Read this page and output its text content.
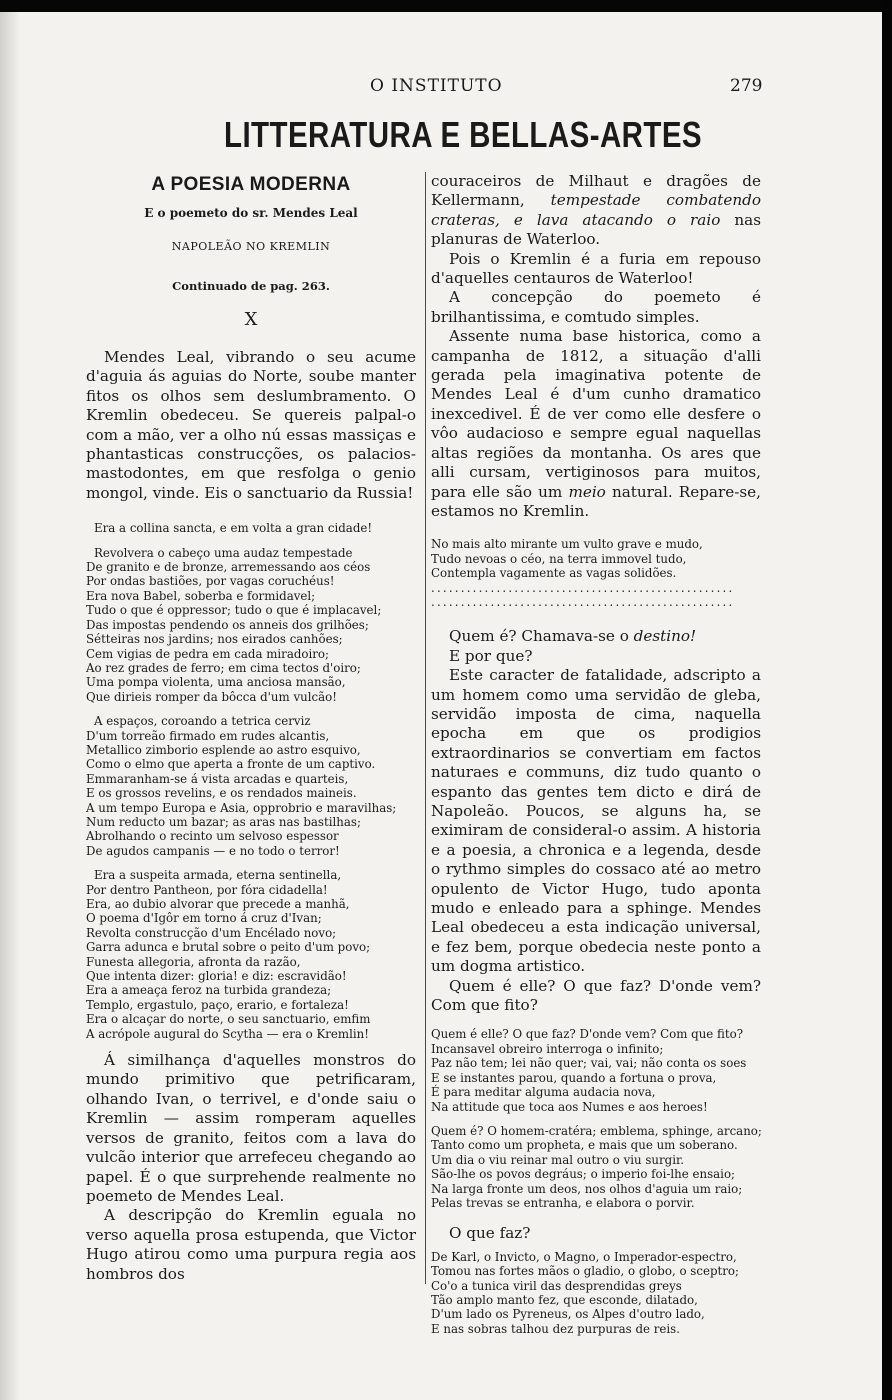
O INSTITUTO	279
LITTERATURA E BELLAS-ARTES
A POESIA MODERNA
E o poemeto do sr. Mendes Leal
NAPOLEÃO NO KREMLIN
Continuado de pag. 263.
X

Mendes Leal, vibrando o seu acume d'aguia ás aguias do Norte, soube manter fitos os olhos sem deslumbramento. O Kremlin obedeceu. Se quereis palpal-o com a mão, ver a olho nú essas massiças e phantasticas construcções, os palacios-mastodontes, em que resfolga o genio mongol, vinde. Eis o sanctuario da Russia!

Era a collina sancta, e em volta a gran cidade!
Revolvera o cabeço uma audaz tempestade
De granito e de bronze, arremessando aos céos
Por ondas bastiões, por vagas coruchéus!
Era nova Babel, soberba e formidavel;
Tudo o que é oppressor; tudo o que é implacavel;
Das impostas pendendo os anneis dos grilhões;
Sétteiras nos jardins; nos eirados canhões;
Cem vigias de pedra em cada miradoiro;
Ao rez grades de ferro; em cima tectos d'oiro;
Uma pompa violenta, uma anciosa mansão,
Que dirieis romper da bôcca d'um vulcão!
A espaços, coroando a tetrica cerviz
D'um torreão firmado em rudes alcantis,
Metallico zimborio esplende ao astro esquivo,
Como o elmo que aperta a fronte de um captivo.
Emmaranham-se á vista arcadas e quarteis,
E os grossos revelins, e os rendados maineis.
A um tempo Europa e Asia, opprobrio e maravilhas;
Num reducto um bazar; as aras nas bastilhas;
Abrolhando o recinto um selvoso espessor
De agudos campanis — e no todo o terror!
Era a suspeita armada, eterna sentinella,
Por dentro Pantheon, por fóra cidadella!
Era, ao dubio alvorar que precede a manhã,
O poema d'Igôr em torno á cruz d'Ivan;
Revolta construcção d'um Encélado novo;
Garra adunca e brutal sobre o peito d'um povo;
Funesta allegoria, afronta da razão,
Que intenta dizer: gloria! e diz: escravidão!
Era a ameaça feroz na turbida grandeza;
Templo, ergastulo, paço, erario, e fortaleza!
Era o alcaçar do norte, o seu sanctuario, emfim
A acrópole augural do Scytha — era o Kremlin!

Á similhança d'aquelles monstros do mundo primitivo que petrificaram, olhando Ivan, o terrivel, e d'onde saiu o Kremlin — assim romperam aquelles versos de granito, feitos com a lava do vulcão interior que arrefeceu chegando ao papel. É o que surprehende realmente no poemeto de Mendes Leal.

A descripção do Kremlin eguala no verso aquella prosa estupenda, que Victor Hugo atirou como uma purpura regia aos hombros dos

couraceiros de Milhaut e dragões de Kellermann, tempestade combatendo crateras, e lava atacando o raio nas planuras de Waterloo.

Pois o Kremlin é a furia em repouso d'aquelles centauros de Waterloo!

A concepção do poemeto é brilhantissima, e comtudo simples.

Assente numa base historica, como a campanha de 1812, a situação d'alli gerada pela imaginativa potente de Mendes Leal é d'um cunho dramatico inexcedivel. É de ver como elle desfere o vôo audacioso e sempre egual naquellas altas regiões da montanha. Os ares que alli cursam, vertiginosos para muitos, para elle são um meio natural. Repare-se, estamos no Kremlin.

No mais alto mirante um vulto grave e mudo,
Tudo nevoas o céo, na terra immovel tudo,
Contempla vagamente as vagas solidões.
...................................................
...................................................

Quem é? Chamava-se o destino!

E por que?

Este caracter de fatalidade, adscripto a um homem como uma servidão de gleba, servidão imposta de cima, naquella epocha em que os prodigios extraordinarios se convertiam em factos naturaes e communs, diz tudo quanto o espanto das gentes tem dicto e dirá de Napoleão. Poucos, se alguns ha, se eximiram de consideral-o assim. A historia e a poesia, a chronica e a legenda, desde o rythmo simples do cossaco até ao metro opulento de Victor Hugo, tudo aponta mudo e enleado para a sphinge. Mendes Leal obedeceu a esta indicação universal, e fez bem, porque obedecia neste ponto a um dogma artistico.

Quem é elle? O que faz? D'onde vem? Com que fito?

Quem é elle? O que faz? D'onde vem? Com que fito?
Incansavel obreiro interroga o infinito;
Paz não tem; lei não quer; vai, vai; não conta os soes
E se instantes parou, quando a fortuna o prova,
É para meditar alguma audacia nova,
Na attitude que toca aos Numes e aos heroes!
Quem é? O homem-cratéra; emblema, sphinge, arcano;
Tanto como um propheta, e mais que um soberano.
Um dia o viu reinar mal outro o viu surgir.
São-lhe os povos degráus; o imperio foi-lhe ensaio;
Na larga fronte um deos, nos olhos d'aguia um raio;
Pelas trevas se entranha, e elabora o porvir.

O que faz?

De Karl, o Invicto, o Magno, o Imperador-espectro,
Tomou nas fortes mãos o gladio, o globo, o sceptro;
Co'o a tunica viril das desprendidas greys
Tão amplo manto fez, que esconde, dilatado,
D'um lado os Pyreneus, os Alpes d'outro lado,
E nas sobras talhou dez purpuras de reis.
